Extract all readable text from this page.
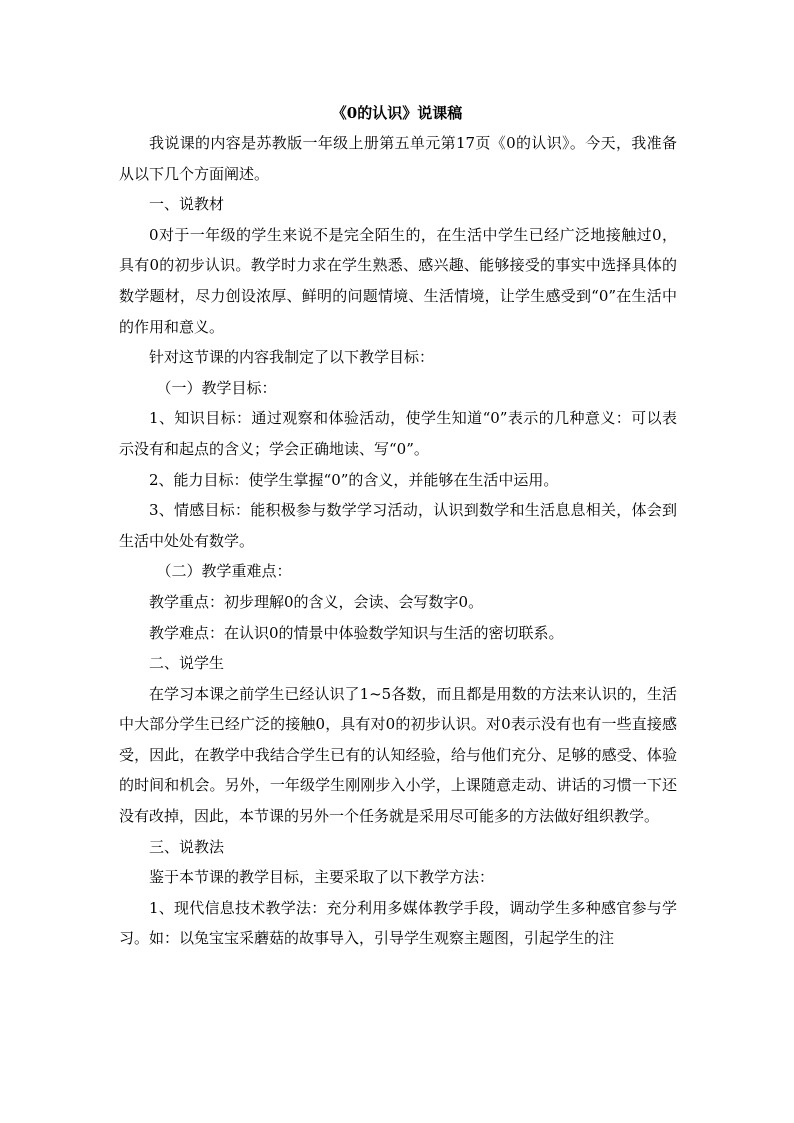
《0的认识》说课稿

我说课的内容是苏教版一年级上册第五单元第17页《0的认识》。今天，我准备从以下几个方面阐述。

一、说教材

0对于一年级的学生来说不是完全陌生的，在生活中学生已经广泛地接触过0，具有0的初步认识。教学时力求在学生熟悉、感兴趣、能够接受的事实中选择具体的数学题材，尽力创设浓厚、鲜明的问题情境、生活情境，让学生感受到“0”在生活中的作用和意义。

针对这节课的内容我制定了以下教学目标：

（一）教学目标：

1、知识目标：通过观察和体验活动，使学生知道“0”表示的几种意义：可以表示没有和起点的含义；学会正确地读、写“0”。

2、能力目标：使学生掌握“0”的含义，并能够在生活中运用。

3、情感目标：能积极参与数学学习活动，认识到数学和生活息息相关，体会到生活中处处有数学。

（二）教学重难点：

教学重点：初步理解0的含义，会读、会写数字0。

教学难点：在认识0的情景中体验数学知识与生活的密切联系。

二、说学生

在学习本课之前学生已经认识了1~5各数，而且都是用数的方法来认识的，生活中大部分学生已经广泛的接触0，具有对0的初步认识。对0表示没有也有一些直接感受，因此，在教学中我结合学生已有的认知经验，给与他们充分、足够的感受、体验的时间和机会。另外，一年级学生刚刚步入小学，上课随意走动、讲话的习惯一下还没有改掉，因此，本节课的另外一个任务就是采用尽可能多的方法做好组织教学。

三、说教法

鉴于本节课的教学目标，主要采取了以下教学方法：

1、现代信息技术教学法：充分利用多媒体教学手段，调动学生多种感官参与学习。如：以兔宝宝采蘑菇的故事导入，引导学生观察主题图，引起学生的注
